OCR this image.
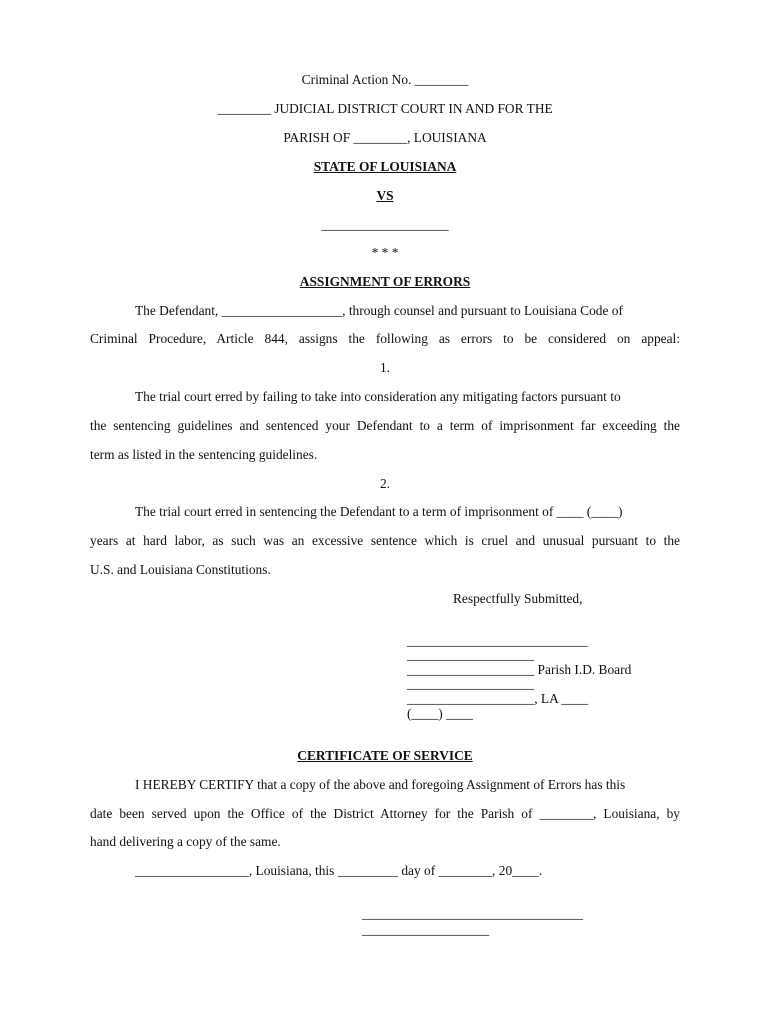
Criminal Action No. ________
________ JUDICIAL DISTRICT COURT IN AND FOR THE
PARISH OF ________, LOUISIANA
STATE OF LOUISIANA
VS
___________________
* * *
ASSIGNMENT OF ERRORS
The Defendant, __________________, through counsel and pursuant to Louisiana Code of
Criminal Procedure, Article 844, assigns the following as errors to be considered on appeal:
1.
The trial court erred by failing to take into consideration any mitigating factors pursuant to
the sentencing guidelines and sentenced your Defendant to a term of imprisonment far exceeding the
term as listed in the sentencing guidelines.
2.
The trial court erred in sentencing the Defendant to a term of imprisonment of ____ (____)
years at hard labor, as such was an excessive sentence which is cruel and unusual pursuant to the
U.S. and Louisiana Constitutions.
Respectfully Submitted,
___________________________
___________________
___________________ Parish I.D. Board
___________________
___________________, LA ____
(____) ____
CERTIFICATE OF SERVICE
I HEREBY CERTIFY that a copy of the above and foregoing Assignment of Errors has this
date been served upon the Office of the District Attorney for the Parish of ________, Louisiana, by
hand delivering a copy of the same.
_________________, Louisiana, this _________ day of ________, 20____.
_________________________________
___________________
